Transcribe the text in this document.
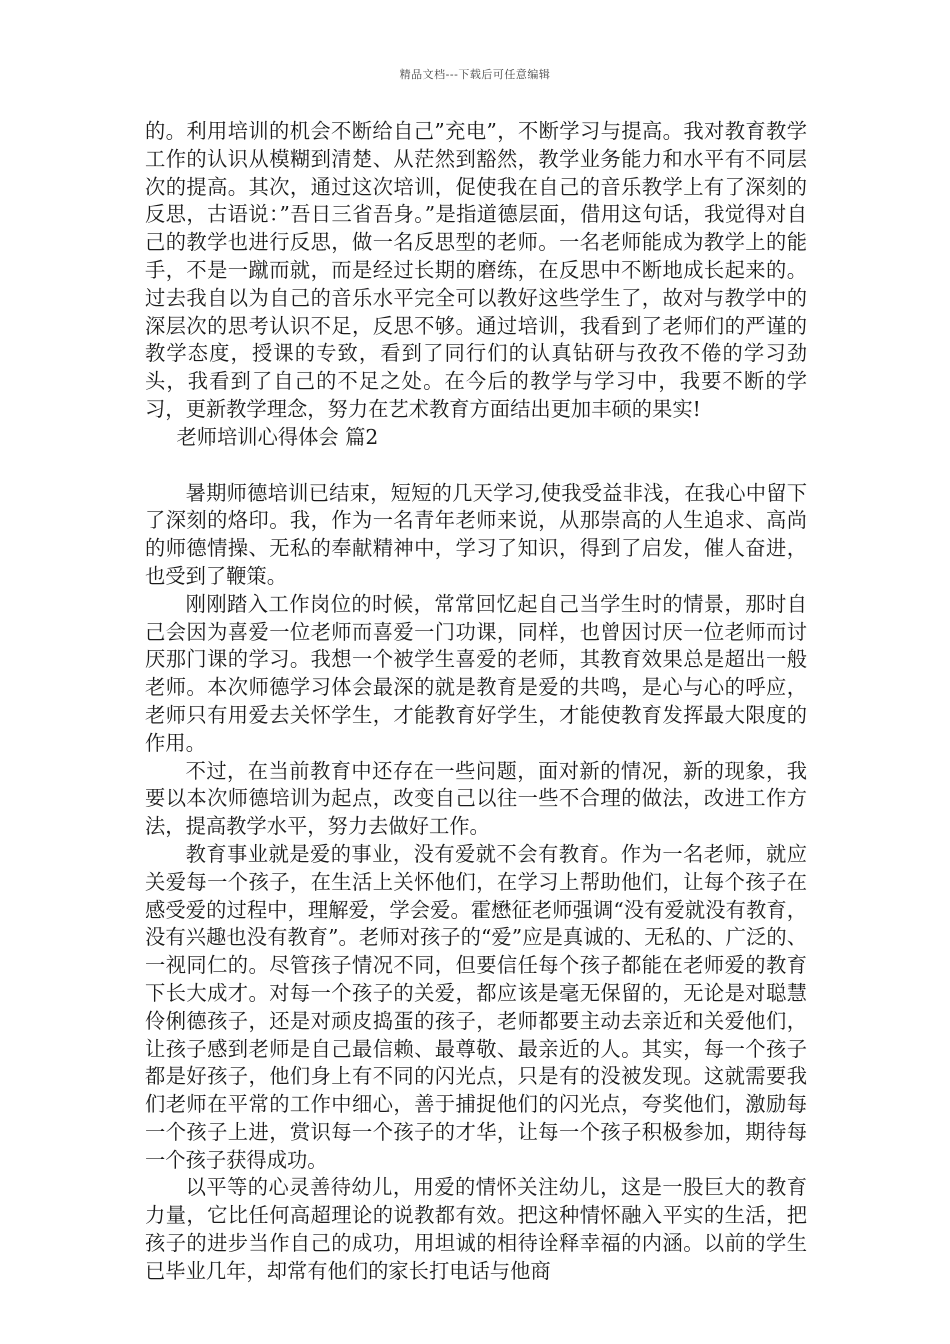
精品文档---下载后可任意编辑

的。利用培训的机会不断给自己”充电”，不断学习与提高。我对教育教学工作的认识从模糊到清楚、从茫然到豁然，教学业务能力和水平有不同层次的提高。其次，通过这次培训，促使我在自己的音乐教学上有了深刻的反思，古语说：”吾日三省吾身。”是指道德层面，借用这句话，我觉得对自己的教学也进行反思，做一名反思型的老师。一名老师能成为教学上的能手，不是一蹴而就，而是经过长期的磨练，在反思中不断地成长起来的。过去我自以为自己的音乐水平完全可以教好这些学生了，故对与教学中的深层次的思考认识不足，反思不够。通过培训，我看到了老师们的严谨的教学态度，授课的专致，看到了同行们的认真钻研与孜孜不倦的学习劲头，我看到了自己的不足之处。在今后的教学与学习中，我要不断的学习，更新教学理念，努力在艺术教育方面结出更加丰硕的果实!

老师培训心得体会 篇2

暑期师德培训已结束，短短的几天学习,使我受益非浅，在我心中留下了深刻的烙印。我，作为一名青年老师来说，从那崇高的人生追求、高尚的师德情操、无私的奉献精神中，学习了知识，得到了启发，催人奋进，也受到了鞭策。

刚刚踏入工作岗位的时候，常常回忆起自己当学生时的情景，那时自己会因为喜爱一位老师而喜爱一门功课，同样，也曾因讨厌一位老师而讨厌那门课的学习。我想一个被学生喜爱的老师，其教育效果总是超出一般老师。本次师德学习体会最深的就是教育是爱的共鸣，是心与心的呼应，老师只有用爱去关怀学生，才能教育好学生，才能使教育发挥最大限度的作用。

不过，在当前教育中还存在一些问题，面对新的情况，新的现象，我要以本次师德培训为起点，改变自己以往一些不合理的做法，改进工作方法，提高教学水平，努力去做好工作。

教育事业就是爱的事业，没有爱就不会有教育。作为一名老师，就应关爱每一个孩子，在生活上关怀他们，在学习上帮助他们，让每个孩子在感受爱的过程中，理解爱，学会爱。霍懋征老师强调“没有爱就没有教育，没有兴趣也没有教育”。老师对孩子的“爱”应是真诚的、无私的、广泛的、一视同仁的。尽管孩子情况不同，但要信任每个孩子都能在老师爱的教育下长大成才。对每一个孩子的关爱，都应该是毫无保留的，无论是对聪慧伶俐德孩子，还是对顽皮捣蛋的孩子，老师都要主动去亲近和关爱他们，让孩子感到老师是自己最信赖、最尊敬、最亲近的人。其实，每一个孩子都是好孩子，他们身上有不同的闪光点，只是有的没被发现。这就需要我们老师在平常的工作中细心，善于捕捉他们的闪光点，夸奖他们，激励每一个孩子上进，赏识每一个孩子的才华，让每一个孩子积极参加，期待每一个孩子获得成功。

以平等的心灵善待幼儿，用爱的情怀关注幼儿，这是一股巨大的教育力量，它比任何高超理论的说教都有效。把这种情怀融入平实的生活，把孩子的进步当作自己的成功，用坦诚的相待诠释幸福的内涵。以前的学生已毕业几年，却常有他们的家长打电话与他商
